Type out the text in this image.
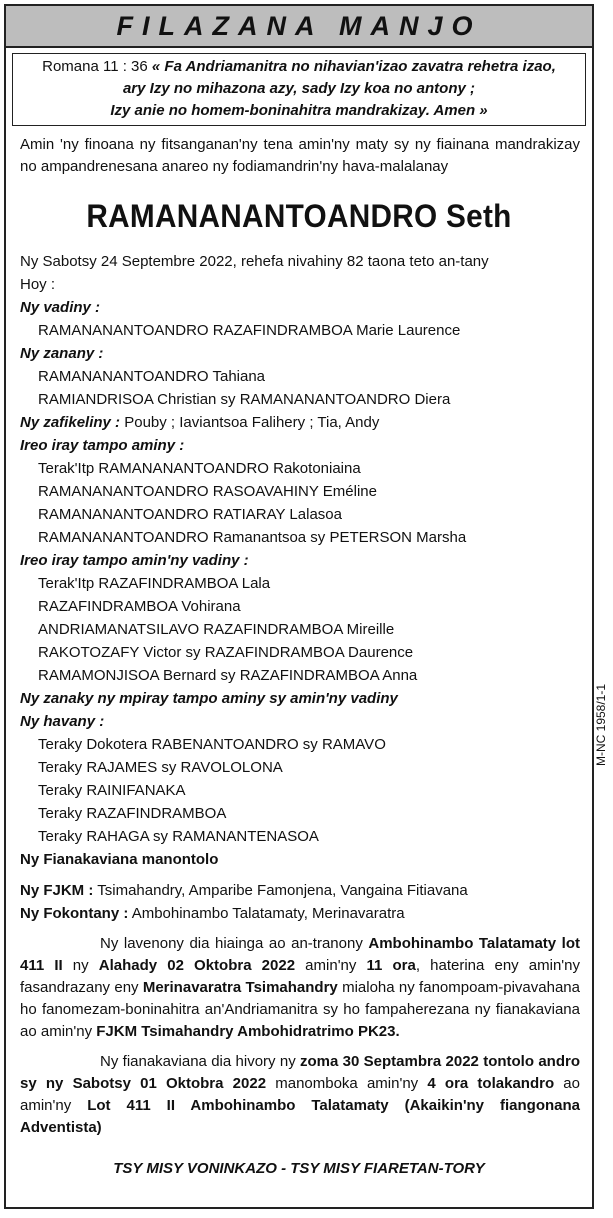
FILAZANA MANJO
Romana 11 : 36 « Fa Andriamanitra no nihavian'izao zavatra rehetra izao,
ary Izy no mihazona azy, sady Izy koa no antony ;
Izy anie no homem-boninahitra mandrakizay. Amen »
Amin 'ny finoana ny fitsanganan'ny tena amin'ny maty sy ny fiainana mandrakizay no ampandrenesana anareo ny fodiamandrin'ny hava-malalanay
RAMANANANTOANDRO Seth
Ny Sabotsy 24 Septembre 2022, rehefa nivahiny 82 taona teto an-tany
Hoy :
Ny vadiny :
RAMANANANTOANDRO RAZAFINDRAMBOA Marie Laurence
Ny zanany :
RAMANANANTOANDRO Tahiana
RAMIANDRISOA Christian sy RAMANANANTOANDRO Diera
Ny zafikeliny : Pouby ; Iaviantsoa Falihery ; Tia, Andy
Ireo iray tampo aminy :
Terak'Itp RAMANANANTOANDRO Rakotoniaina
RAMANANANTOANDRO RASOAVAHINY Eméline
RAMANANANTOANDRO RATIARAY Lalasoa
RAMANANANTOANDRO Ramanantsoa sy PETERSON Marsha
Ireo iray tampo amin'ny vadiny :
Terak'Itp RAZAFINDRAMBOA Lala
RAZAFINDRAMBOA Vohirana
ANDRIAMANATSILAVO RAZAFINDRAMBOA Mireille
RAKOTOZAFY Victor sy RAZAFINDRAMBOA Daurence
RAMAMONJISOA Bernard sy RAZAFINDRAMBOA Anna
Ny zanaky ny mpiray tampo aminy sy amin'ny vadiny
Ny havany :
Teraky Dokotera RABENANTOANDRO sy RAMAVO
Teraky RAJAMES sy RAVOLOLONA
Teraky RAINIFANAKA
Teraky RAZAFINDRAMBOA
Teraky RAHAGA sy RAMANANTENASOA
Ny Fianakaviana manontolo
Ny FJKM : Tsimahandry, Amparibe Famonjena, Vangaina Fitiavana
Ny Fokontany : Ambohinambo Talatamaty, Merinavaratra
Ny lavenony dia hiainga ao an-tranony Ambohinambo Talatamaty lot 411 II ny Alahady 02 Oktobra 2022 amin'ny 11 ora, haterina eny amin'ny fasandrazany eny Merinavaratra Tsimahandry mialoha ny fanompoam-pivavahana ho fanomezam-boninahitra an'Andriamanitra sy ho fampaherezana ny fianakaviana ao amin'ny FJKM Tsimahandry Ambohidratrimo PK23.
Ny fianakaviana dia hivory ny zoma 30 Septambra 2022 tontolo andro sy ny Sabotsy 01 Oktobra 2022 manomboka amin'ny 4 ora tolakandro ao amin'ny Lot 411 II Ambohinambo Talatamaty (Akaikin'ny fiangonana Adventista)
TSY MISY VONINKAZO - TSY MISY FIARETAN-TORY
M-NC 1958/1-1
